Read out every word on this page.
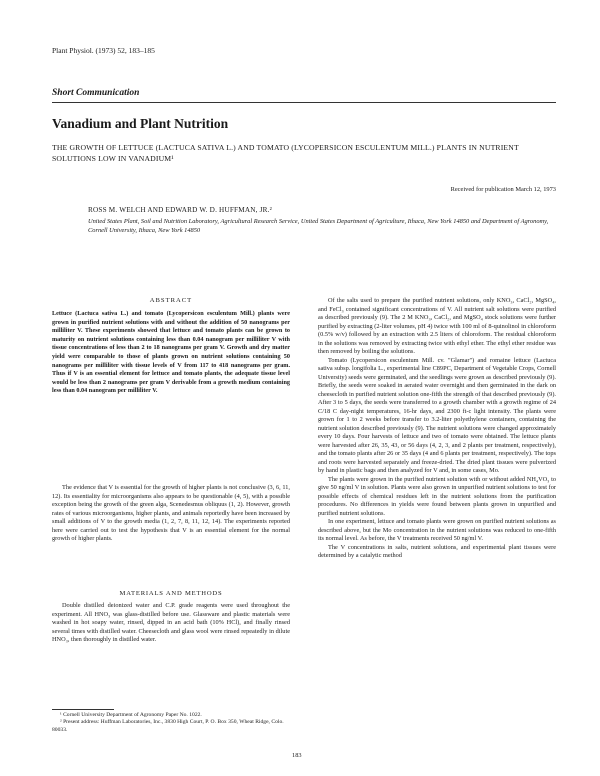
Plant Physiol. (1973) 52, 183–185
Short Communication
Vanadium and Plant Nutrition
THE GROWTH OF LETTUCE (LACTUCA SATIVA L.) AND TOMATO (LYCOPERSICON ESCULENTUM MILL.) PLANTS IN NUTRIENT SOLUTIONS LOW IN VANADIUM¹
Received for publication March 12, 1973
ROSS M. WELCH AND EDWARD W. D. HUFFMAN, JR.²
United States Plant, Soil and Nutrition Laboratory, Agricultural Research Service, United States Department of Agriculture, Ithaca, New York 14850 and Department of Agronomy, Cornell University, Ithaca, New York 14850
ABSTRACT
Lettuce (Lactuca sativa L.) and tomato (Lycopersicon esculentum Mill.) plants were grown in purified nutrient solutions with and without the addition of 50 nanograms per milliliter V. These experiments showed that lettuce and tomato plants can be grown to maturity on nutrient solutions containing less than 0.04 nanogram per milliliter V with tissue concentrations of less than 2 to 18 nanograms per gram V. Growth and dry matter yield were comparable to those of plants grown on nutrient solutions containing 50 nanograms per milliliter with tissue levels of V from 117 to 418 nanograms per gram. Thus if V is an essential element for lettuce and tomato plants, the adequate tissue level would be less than 2 nanograms per gram V derivable from a growth medium containing less than 0.04 nanogram per milliliter V.

The evidence that V is essential for the growth of higher plants is not conclusive (3, 6, 11, 12). Its essentiality for microorganisms also appears to be questionable (4, 5), with a possible exception being the growth of the green alga, Scenedesmus obliquus (1, 2). However, growth rates of various microorganisms, higher plants, and animals reportedly have been increased by small additions of V to the growth media (1, 2, 7, 8, 11, 12, 14). The experiments reported here were carried out to test the hypothesis that V is an essential element for the normal growth of higher plants.

MATERIALS AND METHODS

Double distilled deionized water and C.P. grade reagents were used throughout the experiment. All HNO₃ was glass-distilled before use. Glassware and plastic materials were washed in hot soapy water, rinsed, dipped in an acid bath (10% HCl), and finally rinsed several times with distilled water. Cheesecloth and glass wool were rinsed repeatedly in dilute HNO₃, then thoroughly in distilled water.

¹ Cornell University Department of Agronomy Paper No. 1022.

² Present address: Huffman Laboratories, Inc., 3830 High Court, P. O. Box 350, Wheat Ridge, Colo. 80033.

Of the salts used to prepare the purified nutrient solutions, only KNO₃, CaCl₂, MgSO₄, and FeCl₃ contained significant concentrations of V. All nutrient salt solutions were purified as described previously (9). The 2 M KNO₃, CaCl₂, and MgSO₄ stock solutions were further purified by extracting (2-liter volumes, pH 4) twice with 100 ml of 8-quinolinol in chloroform (0.5% w/v) followed by an extraction with 2.5 liters of chloroform. The residual chloroform in the solutions was removed by extracting twice with ethyl ether. The ethyl ether residue was then removed by boiling the solutions.

Tomato (Lycopersicon esculentum Mill. cv. "Glamar") and romaine lettuce (Lactuca sativa subsp. longifolia L., experimental line C89PC, Department of Vegetable Crops, Cornell University) seeds were germinated, and the seedlings were grown as described previously (9). Briefly, the seeds were soaked in aerated water overnight and then germinated in the dark on cheesecloth in purified nutrient solution one-fifth the strength of that described previously (9). After 3 to 5 days, the seeds were transferred to a growth chamber with a growth regime of 24 C/18 C day-night temperatures, 16-hr days, and 2300 ft-c light intensity. The plants were grown for 1 to 2 weeks before transfer to 3.2-liter polyethylene containers, containing the nutrient solution described previously (9). The nutrient solutions were changed approximately every 10 days. Four harvests of lettuce and two of tomato were obtained. The lettuce plants were harvested after 26, 35, 43, or 56 days (4, 2, 3, and 2 plants per treatment, respectively), and the tomato plants after 26 or 35 days (4 and 6 plants per treatment, respectively). The tops and roots were harvested separately and freeze-dried. The dried plant tissues were pulverized by hand in plastic bags and then analyzed for V and, in some cases, Mo.

The plants were grown in the purified nutrient solution with or without added NH₄VO₃ to give 50 ng/ml V in solution. Plants were also grown in unpurified nutrient solutions to test for possible effects of chemical residues left in the nutrient solutions from the purification procedures. No differences in yields were found between plants grown in unpurified and purified nutrient solutions.

In one experiment, lettuce and tomato plants were grown on purified nutrient solutions as described above, but the Mo concentration in the nutrient solutions was reduced to one-fifth its normal level. As before, the V treatments received 50 ng/ml V.

The V concentrations in salts, nutrient solutions, and experimental plant tissues were determined by a catalytic method

183
